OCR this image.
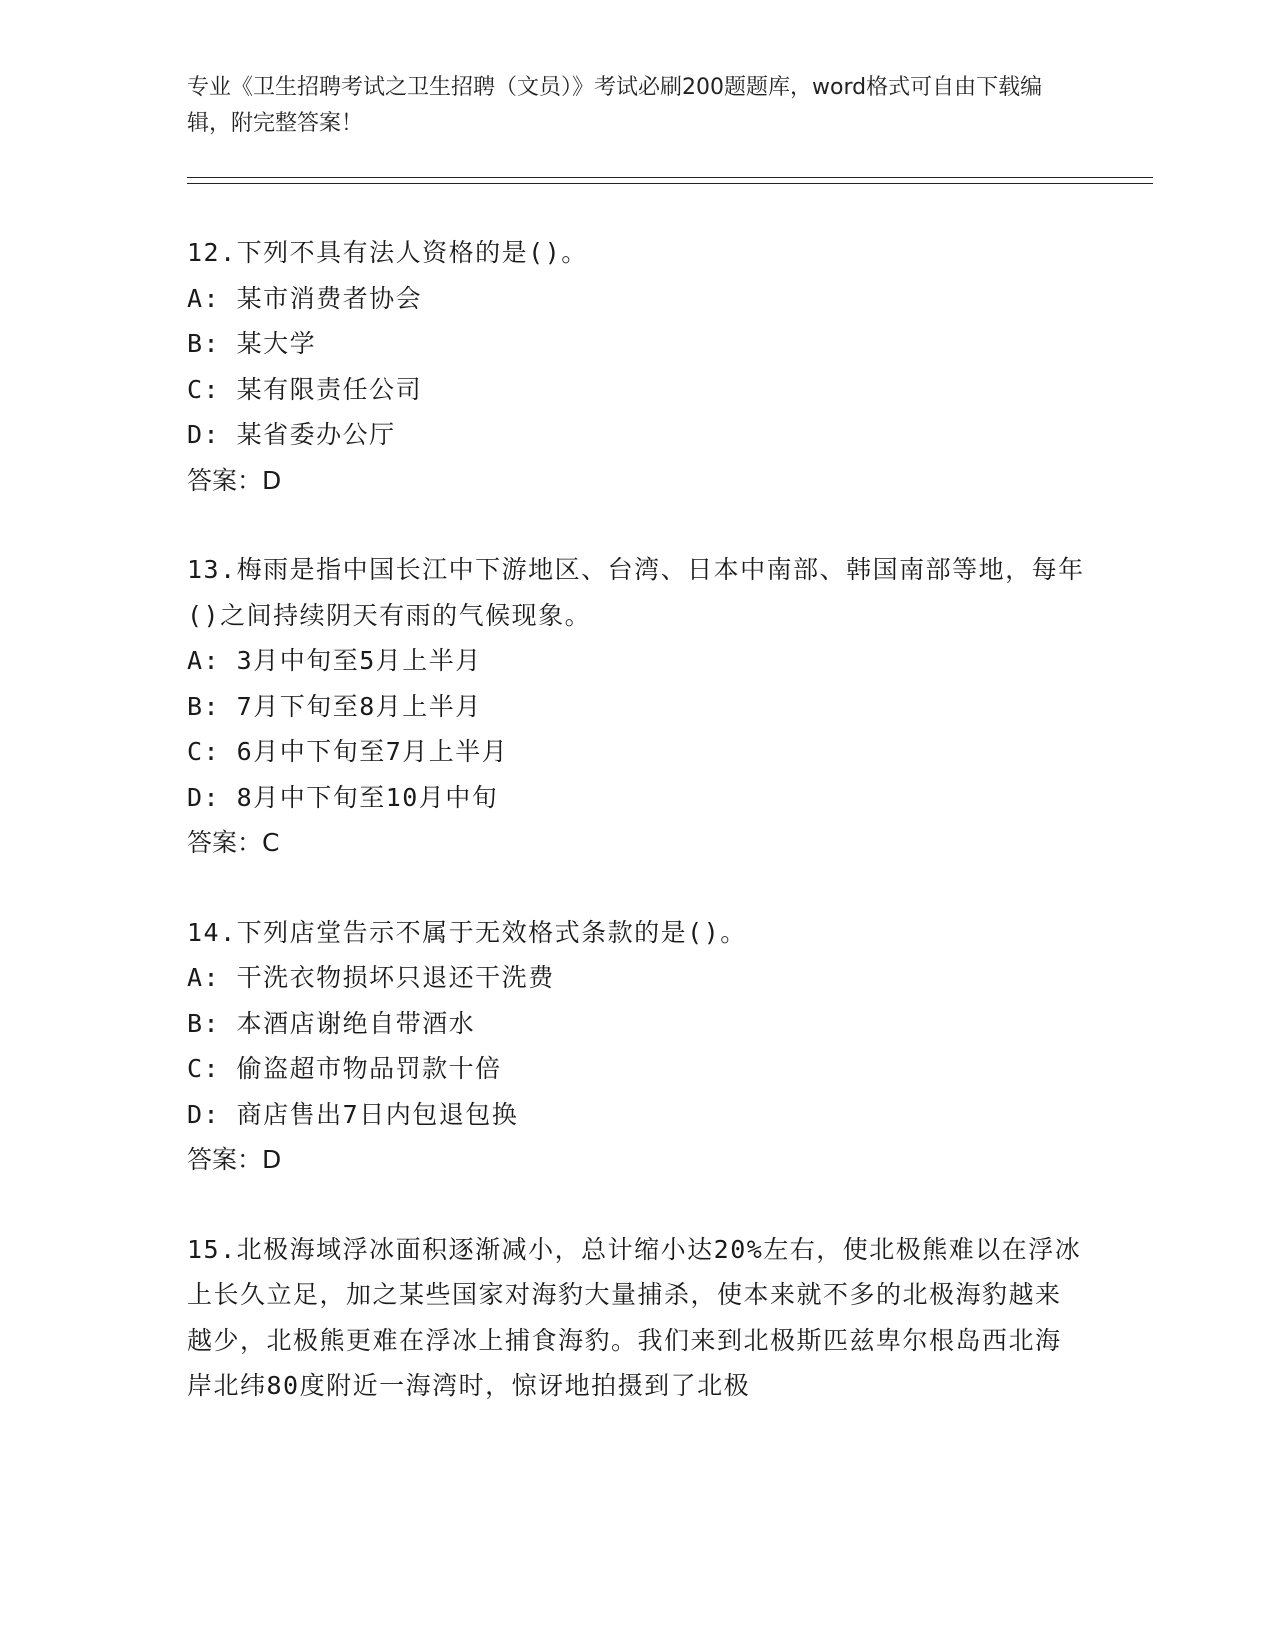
专业《卫生招聘考试之卫生招聘（文员）》考试必刷200题题库，word格式可自由下载编辑，附完整答案！
12.下列不具有法人资格的是()。
A: 某市消费者协会
B: 某大学
C: 某有限责任公司
D: 某省委办公厅
答案：D
13.梅雨是指中国长江中下游地区、台湾、日本中南部、韩国南部等地，每年()之间持续阴天有雨的气候现象。
A: 3月中旬至5月上半月
B: 7月下旬至8月上半月
C: 6月中下旬至7月上半月
D: 8月中下旬至10月中旬
答案：C
14.下列店堂告示不属于无效格式条款的是()。
A: 干洗衣物损坏只退还干洗费
B: 本酒店谢绝自带酒水
C: 偷盗超市物品罚款十倍
D: 商店售出7日内包退包换
答案：D
15.北极海域浮冰面积逐渐减小，总计缩小达20%左右，使北极熊难以在浮冰上长久立足，加之某些国家对海豹大量捕杀，使本来就不多的北极海豹越来越少，北极熊更难在浮冰上捕食海豹。我们来到北极斯匹兹卑尔根岛西北海岸北纬80度附近一海湾时，惊讶地拍摄到了北极
